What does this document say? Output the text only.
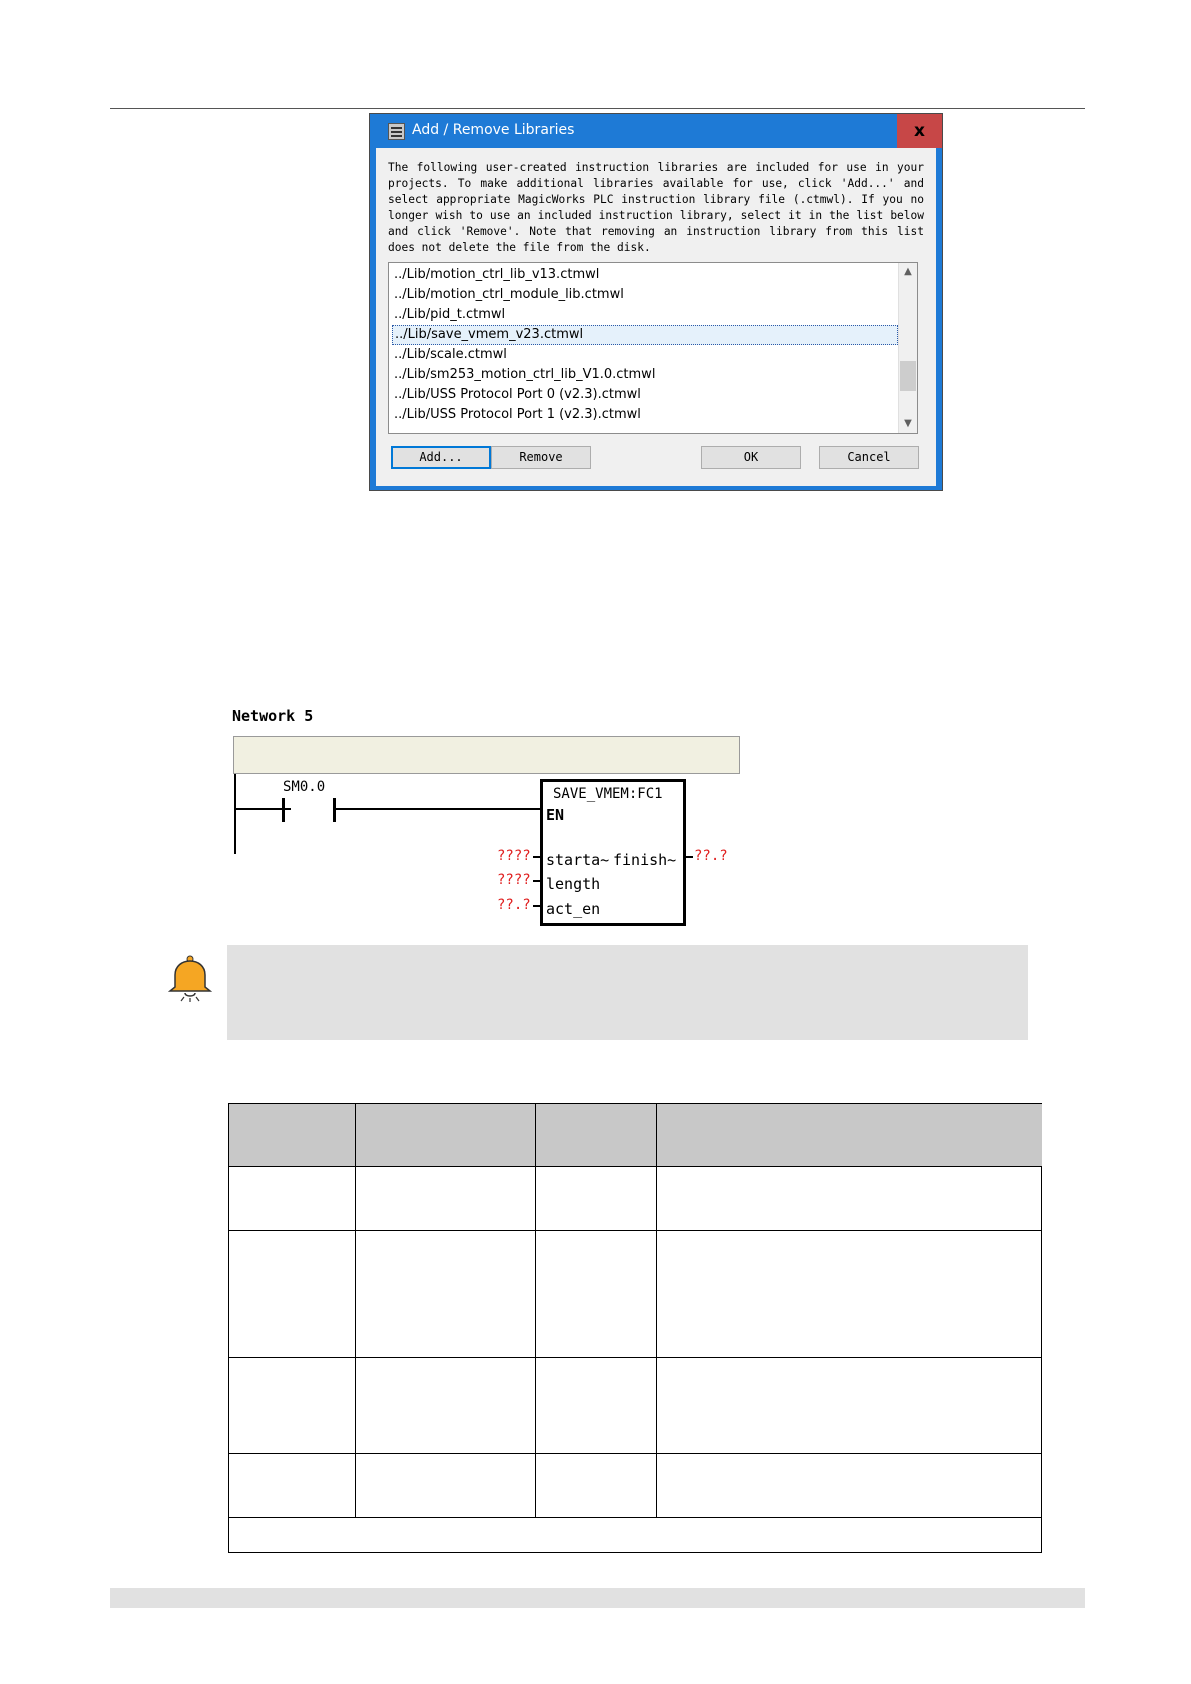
Add / Remove Libraries	x
The following user-created instruction libraries are included for use in your projects. To make additional libraries available for use, click 'Add...' and select appropriate MagicWorks PLC instruction library file (.ctmwl). If you no longer wish to use an included instruction library, select it in the list below and click 'Remove'. Note that removing an instruction library from this list does not delete the file from the disk.
../Lib/motion_ctrl_lib_v13.ctmwl
../Lib/motion_ctrl_module_lib.ctmwl
../Lib/pid_t.ctmwl
../Lib/save_vmem_v23.ctmwl
../Lib/scale.ctmwl
../Lib/sm253_motion_ctrl_lib_V1.0.ctmwl
../Lib/USS Protocol Port 0 (v2.3).ctmwl
../Lib/USS Protocol Port 1 (v2.3).ctmwl
▲
▼
Add...	Remove	OK	Cancel
Network 5
SM0.0	SAVE_VMEM:FC1
EN
starta~ finish~
length
act_en
????
????
??.?
??.?
